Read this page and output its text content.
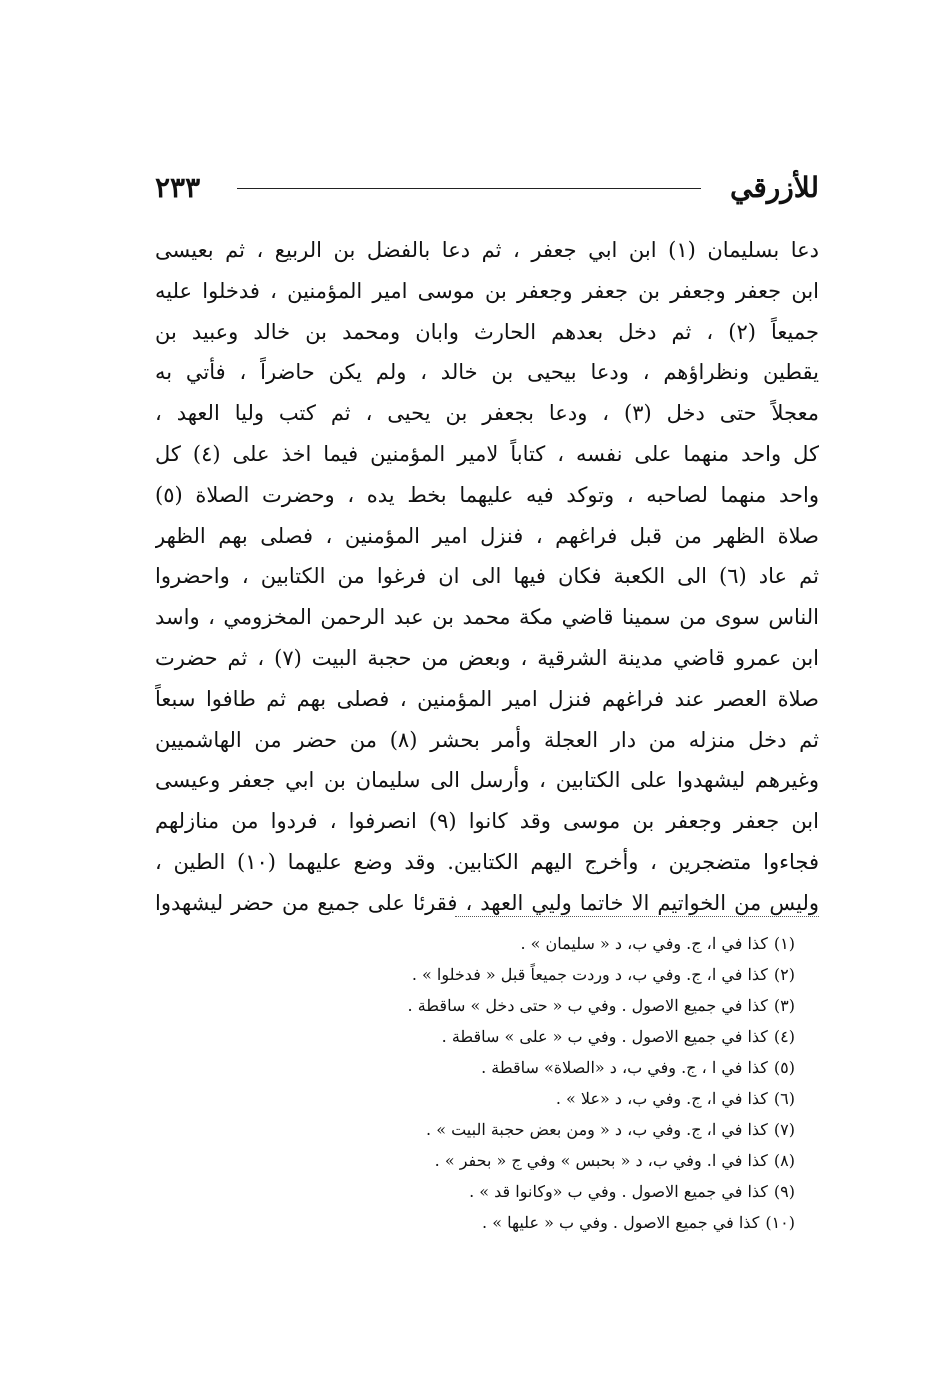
للأزرقي
٢٣٣
دعا بسليمان (١) ابن ابي جعفر ، ثم دعا بالفضل بن الربيع ، ثم بعيسى
ابن جعفر وجعفر بن جعفر وجعفر بن موسى امير المؤمنين ، فدخلوا عليه
جميعاً (٢) ، ثم دخل بعدهم الحارث وابان ومحمد بن خالد وعبيد بن
يقطين ونظراؤهم ، ودعا بيحيى بن خالد ، ولم يكن حاضراً ، فأتي به
معجلاً حتى دخل (٣) ، ودعا بجعفر بن يحيى ، ثم كتب وليا العهد ،
كل واحد منهما على نفسه ، كتاباً لامير المؤمنين فيما اخذ على (٤) كل
واحد منهما لصاحبه ، وتوكد فيه عليهما بخط يده ، وحضرت الصلاة (٥)
صلاة الظهر من قبل فراغهم ، فنزل امير المؤمنين ، فصلى بهم الظهر
ثم عاد (٦) الى الكعبة فكان فيها الى ان فرغوا من الكتابين ، واحضروا
الناس سوى من سمينا قاضي مكة محمد بن عبد الرحمن المخزومي ، واسد
ابن عمرو قاضي مدينة الشرقية ، وبعض من حجبة البيت (٧) ، ثم حضرت
صلاة العصر عند فراغهم فنزل امير المؤمنين ، فصلى بهم ثم طافوا سبعاً
ثم دخل منزله من دار العجلة وأمر بحشر (٨) من حضر من الهاشميين
وغيرهم ليشهدوا على الكتابين ، وأرسل الى سليمان بن ابي جعفر وعيسى
ابن جعفر وجعفر بن موسى وقد كانوا (٩) انصرفوا ، فردوا من منازلهم
فجاءوا متضجرين ، وأخرج اليهم الكتابين. وقد وضع عليهما (١٠) الطين ،
وليس من الخواتيم الا خاتما وليي العهد ، فقرئا على جميع من حضر ليشهدوا
(١)كذا في ا، ج. وفي ب، د « سليمان » .
(٢)كذا في ا، ج. وفي ب، د وردت جميعاً قبل « فدخلوا » .
(٣)كذا في جميع الاصول . وفي ب « حتى دخل » ساقطة .
(٤)كذا في جميع الاصول . وفي ب « على » ساقطة .
(٥)كذا في ا ، ج. وفي ب، د «الصلاة» ساقطة .
(٦)كذا في ا، ج. وفي ب، د «علا » .
(٧)كذا في ا، ج. وفي ب، د « ومن بعض حجبة البيت » .
(٨)كذا في ا. وفي ب، د « بحبس » وفي ج « بحفر » .
(٩)كذا في جميع الاصول . وفي ب «وكانوا قد » .
(١٠)كذا في جميع الاصول . وفي ب « عليها » .
